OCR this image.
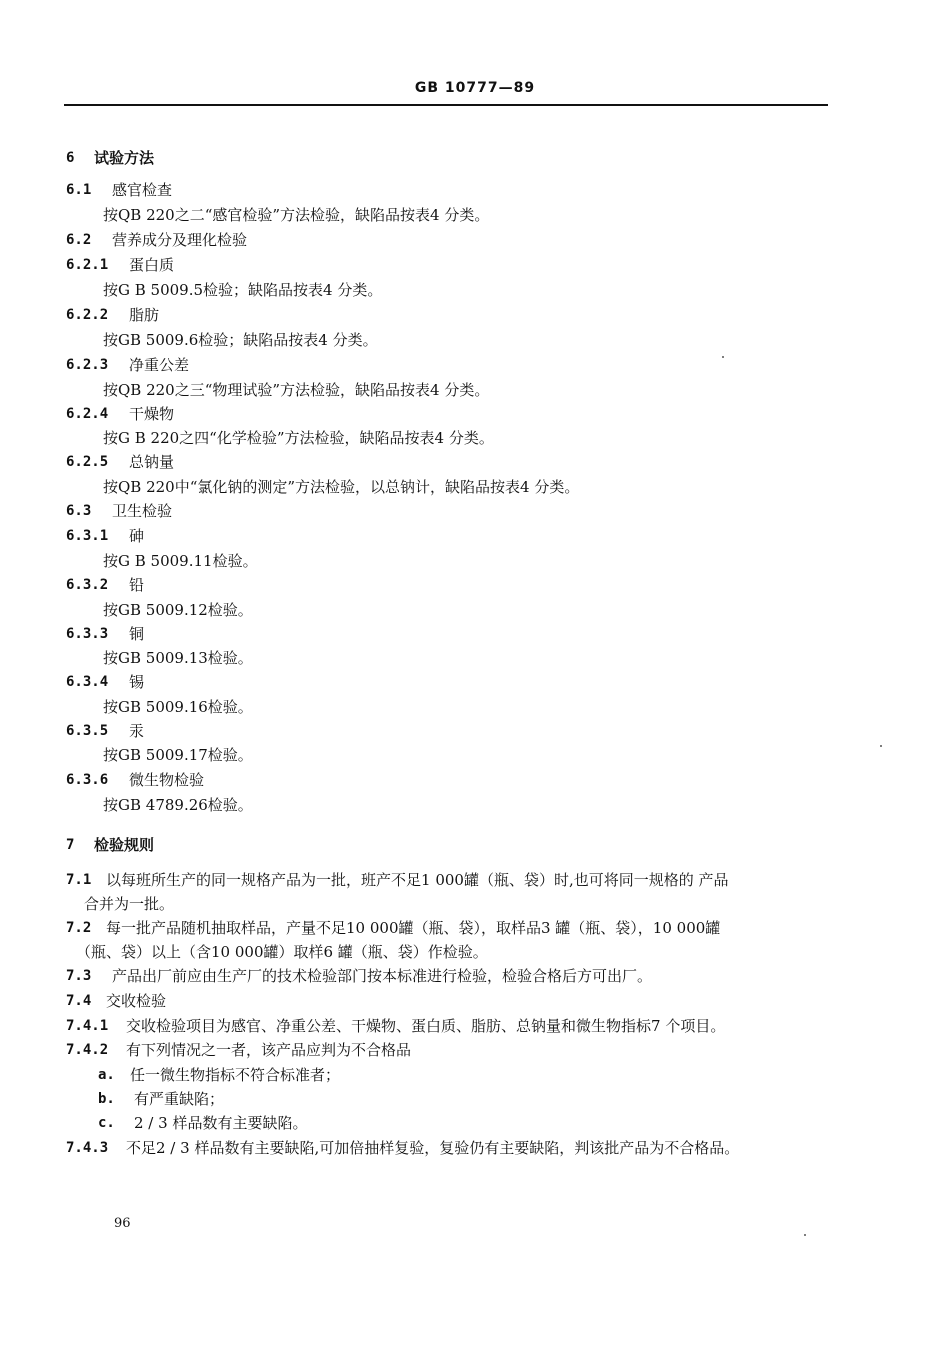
GB 10777—89
6 试验方法
6.1 感官检查
按QB 220之二“感官检验”方法检验，缺陷品按表4 分类。
6.2 营养成分及理化检验
6.2.1 蛋白质
按G B 5009.5检验；缺陷品按表4 分类。
6.2.2 脂肪
按GB 5009.6检验；缺陷品按表4 分类。
6.2.3 净重公差
按QB 220之三“物理试验”方法检验，缺陷品按表4 分类。
6.2.4 干燥物
按G B 220之四“化学检验”方法检验，缺陷品按表4 分类。
6.2.5 总钠量
按QB 220中“氯化钠的测定”方法检验，以总钠计，缺陷品按表4 分类。
6.3 卫生检验
6.3.1 砷
按G B 5009.11检验。
6.3.2 铅
按GB 5009.12检验。
6.3.3 铜
按GB 5009.13检验。
6.3.4 锡
按GB 5009.16检验。
6.3.5 汞
按GB 5009.17检验。
6.3.6 微生物检验
按GB 4789.26检验。
7 检验规则
7.1 以每班所生产的同一规格产品为一批，班产不足1 000罐（瓶、袋）时,也可将同一规格的 产品
合并为一批。
7.2 每一批产品随机抽取样品，产量不足10 000罐（瓶、袋），取样品3 罐（瓶、袋），10 000罐
（瓶、袋）以上（含10 000罐）取样6 罐（瓶、袋）作检验。
7.3 产品出厂前应由生产厂的技术检验部门按本标准进行检验，检验合格后方可出厂。
7.4 交收检验
7.4.1 交收检验项目为感官、净重公差、干燥物、蛋白质、脂肪、总钠量和微生物指标7 个项目。
7.4.2 有下列情况之一者，该产品应判为不合格品
a. 任一微生物指标不符合标准者；
b. 有严重缺陷；
c. 2 / 3 样品数有主要缺陷。
7.4.3 不足2 / 3 样品数有主要缺陷,可加倍抽样复验，复验仍有主要缺陷，判该批产品为不合格品。
96
